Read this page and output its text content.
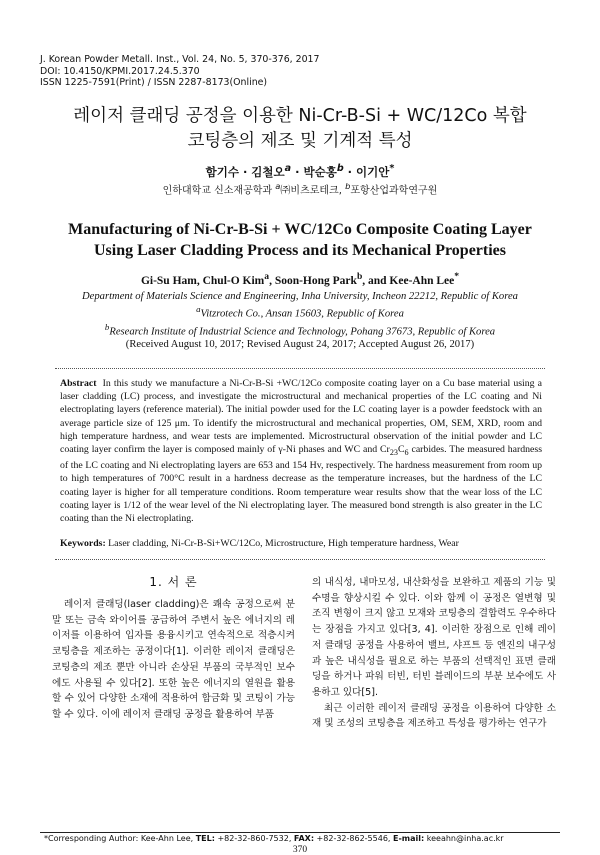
J. Korean Powder Metall. Inst., Vol. 24, No. 5, 370-376, 2017
DOI: 10.4150/KPMI.2017.24.5.370
ISSN 1225-7591(Print) / ISSN 2287-8173(Online)
레이저 클래딩 공정을 이용한 Ni-Cr-B-Si + WC/12Co 복합
코팅층의 제조 및 기계적 특성
함기수 · 김철오$^a$ · 박순홍$^b$ · 이기안*
인하대학교 신소재공학과 $^a$㈜비츠로테크, $^b$포항산업과학연구원
Manufacturing of Ni-Cr-B-Si + WC/12Co Composite Coating Layer
Using Laser Cladding Process and its Mechanical Properties
Gi-Su Ham, Chul-O Kim$^a$, Soon-Hong Park$^b$, and Kee-Ahn Lee*
Department of Materials Science and Engineering, Inha University, Incheon 22212, Republic of Korea
$^a$Vitzrotech Co., Ansan 15603, Republic of Korea
$^b$Research Institute of Industrial Science and Technology, Pohang 37673, Republic of Korea
(Received August 10, 2017; Revised August 24, 2017; Accepted August 26, 2017)
Abstract In this study we manufacture a Ni-Cr-B-Si +WC/12Co composite coating layer on a Cu base material using a laser cladding (LC) process, and investigate the microstructural and mechanical properties of the LC coating and Ni electroplating layers (reference material). The initial powder used for the LC coating layer is a powder feedstock with an average particle size of 125 μm. To identify the microstructural and mechanical properties, OM, SEM, XRD, room and high temperature hardness, and wear tests are implemented. Microstructural observation of the initial powder and LC coating layer confirm the layer is composed mainly of γ-Ni phases and WC and $Cr_{23}C_6$ carbides. The measured hardness of the LC coating and Ni electroplating layers are 653 and 154 Hv, respectively. The hardness measurement from room up to high temperatures of 700°C result in a hardness decrease as the temperature increases, but the hardness of the LC coating layer is higher for all temperature conditions. Room temperature wear results show that the wear loss of the LC coating layer is 1/12 of the wear level of the Ni electroplating layer. The measured bond strength is also greater in the LC coating than the Ni electroplating.
Keywords: Laser cladding, Ni-Cr-B-Si+WC/12Co, Microstructure, High temperature hardness, Wear
1. 서 론
레이저 클래딩(laser cladding)은 쾌속 공정으로써 분말 또는 금속 와이어를 공급하여 주변서 높은 에너지의 레이저를 이용하여 입자를 용융시키고 연속적으로 적층시켜 코팅층을 제조하는 공정이다[1]. 이러한 레이저 클래딩은 코팅층의 제조 뿐만 아니라 손상된 부품의 국부적인 보수에도 사용될 수 있다[2]. 또한 높은 에너지의 열원을 활용할 수 있어 다양한 소재에 적용하여 합금화 및 코팅이 가능할 수 있다. 이에 레이저 클래딩 공정을 활용하여 부품
의 내식성, 내마모성, 내산화성을 보완하고 제품의 기능 및 수명을 향상시킬 수 있다. 이와 함께 이 공정은 열변형 및 조직 변형이 크지 않고 모재와 코팅층의 결합력도 우수하다는 장점을 가지고 있다[3, 4]. 이러한 장점으로 인해 레이저 클래딩 공정을 사용하여 밸브, 샤프트 등 엔진의 내구성과 높은 내식성을 필요로 하는 부품의 선택적인 표면 클래딩을 하거나 파워 터빈, 터빈 블레이드의 부분 보수에도 사용하고 있다[5].
최근 이러한 레이저 클래딩 공정을 이용하여 다양한 소재 및 조성의 코팅층을 제조하고 특성을 평가하는 연구가
*Corresponding Author: Kee-Ahn Lee, TEL: +82-32-860-7532, FAX: +82-32-862-5546, E-mail: keeahn@inha.ac.kr
370
